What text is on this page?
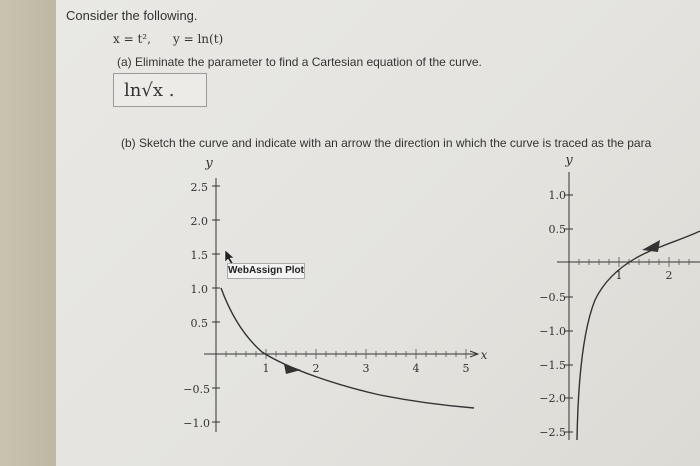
Consider the following.
x = t², y = ln(t)
(a) Eliminate the parameter to find a Cartesian equation of the curve.
ln√x .
(b) Sketch the curve and indicate with an arrow the direction in which the curve is traced as the para
WebAssign Plot
2.5
2.0
1.5
1.0
0.5
−0.5
−1.0
1	2	3	4	5
y
x
1.0
0.5
−0.5
−1.0
−1.5
−2.0
−2.5
1	2
y
